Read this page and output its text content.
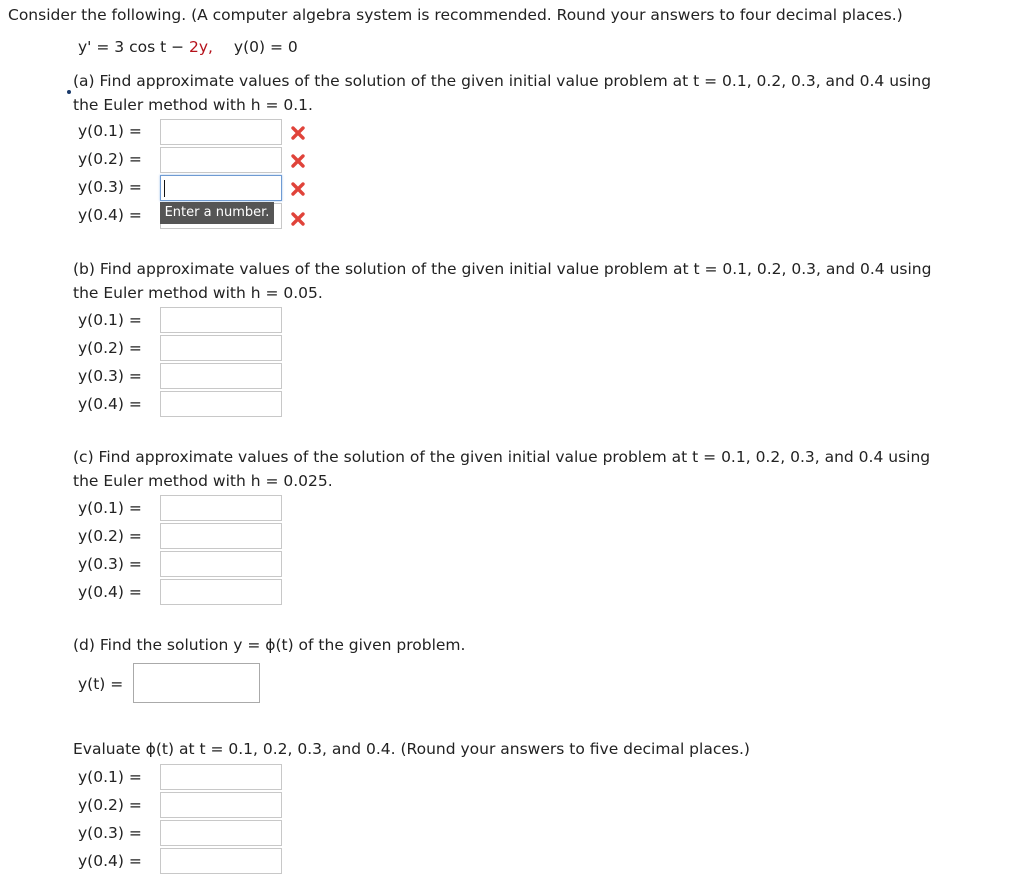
Consider the following. (A computer algebra system is recommended. Round your answers to four decimal places.)
y' = 3 cos t − 2y, y(0) = 0
(a) Find approximate values of the solution of the given initial value problem at t = 0.1, 0.2, 0.3, and 0.4 using
the Euler method with h = 0.1.
y(0.1) =
y(0.2) =
y(0.3) =
y(0.4) =	Enter a number.
(b) Find approximate values of the solution of the given initial value problem at t = 0.1, 0.2, 0.3, and 0.4 using
the Euler method with h = 0.05.
y(0.1) =
y(0.2) =
y(0.3) =
y(0.4) =
(c) Find approximate values of the solution of the given initial value problem at t = 0.1, 0.2, 0.3, and 0.4 using
the Euler method with h = 0.025.
y(0.1) =
y(0.2) =
y(0.3) =
y(0.4) =
(d) Find the solution y = ϕ(t) of the given problem.
y(t) =
Evaluate ϕ(t) at t = 0.1, 0.2, 0.3, and 0.4. (Round your answers to five decimal places.)
y(0.1) =
y(0.2) =
y(0.3) =
y(0.4) =
